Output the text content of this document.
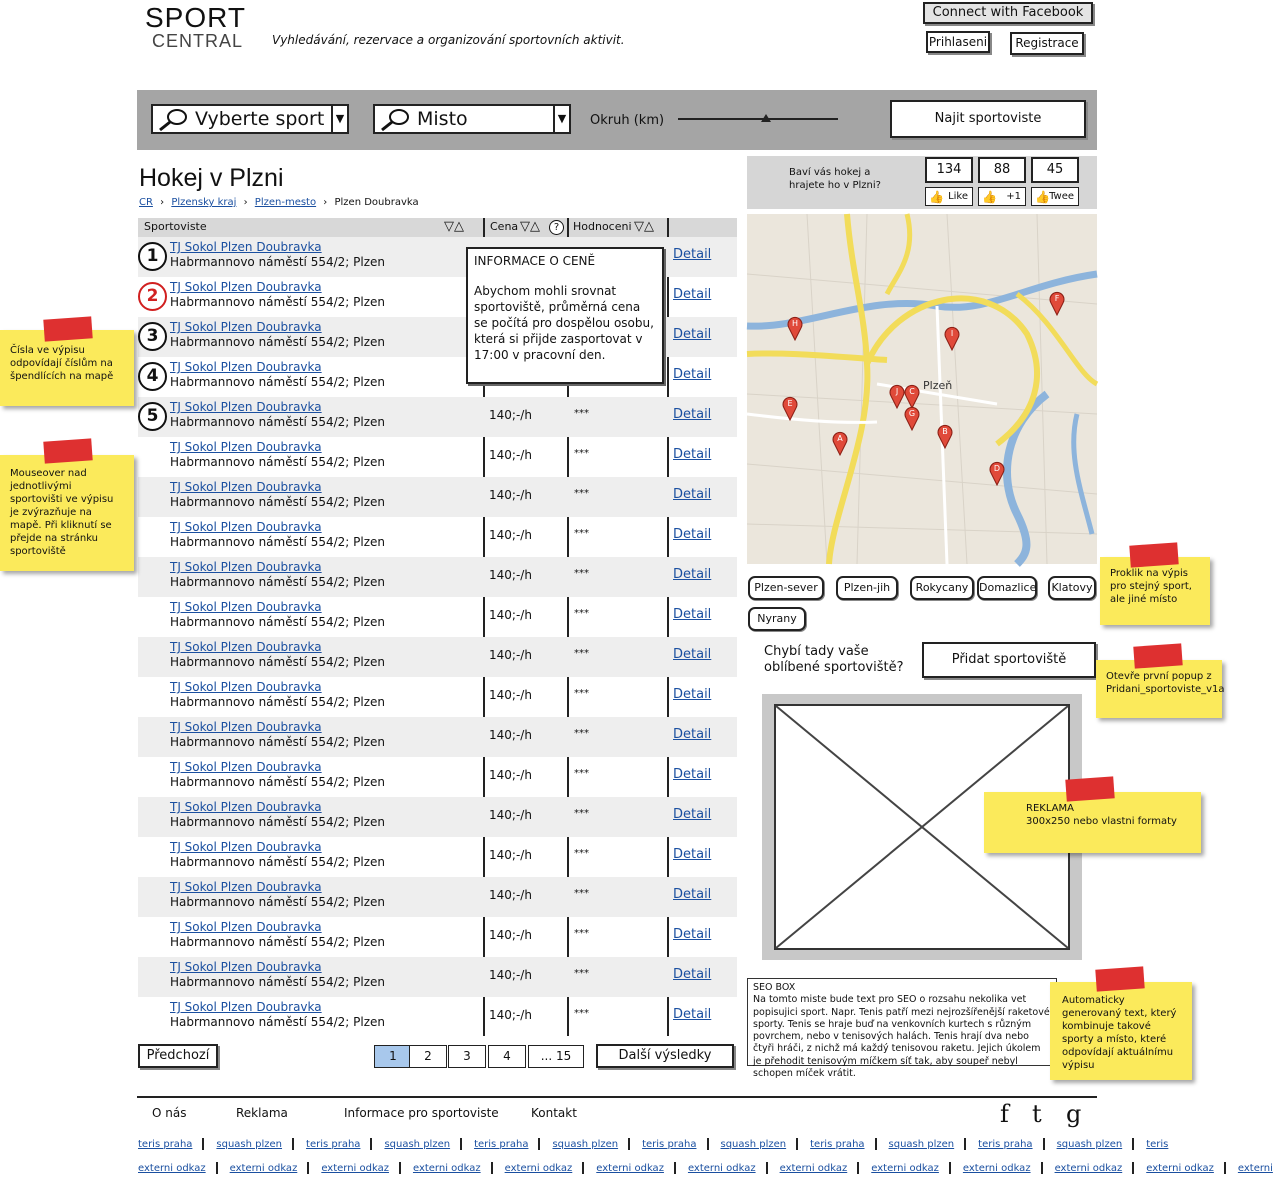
SPORT
CENTRAL Vyhledávání, rezervace a organizování sportovních aktivit.
Connect with Facebook
Prihlaseni	Registrace
Vyberte sport	▼	Misto	▼ Okruh (km)	Najit sportoviste
Hokej v Plzni
CR › Plzensky kraj › Plzen-mesto › Plzen Doubravka
Sportoviste	▽△ Cena ▽△	?	Hodnoceni ▽△
1 TJ Sokol Plzen Doubravka
Habrmannovo náměstí 554/2; Plzen	Detail
2 TJ Sokol Plzen Doubravka
Habrmannovo náměstí 554/2; Plzen	Detail
3 TJ Sokol Plzen Doubravka
Habrmannovo náměstí 554/2; Plzen	Detail
4 TJ Sokol Plzen Doubravka
Habrmannovo náměstí 554/2; Plzen	Detail
5 TJ Sokol Plzen Doubravka
Habrmannovo náměstí 554/2; Plzen	140;-/h	***	Detail
TJ Sokol Plzen Doubravka
Habrmannovo náměstí 554/2; Plzen	140;-/h	***	Detail
TJ Sokol Plzen Doubravka
Habrmannovo náměstí 554/2; Plzen	140;-/h	***	Detail
TJ Sokol Plzen Doubravka
Habrmannovo náměstí 554/2; Plzen	140;-/h	***	Detail
TJ Sokol Plzen Doubravka
Habrmannovo náměstí 554/2; Plzen	140;-/h	***	Detail
TJ Sokol Plzen Doubravka
Habrmannovo náměstí 554/2; Plzen	140;-/h	***	Detail
TJ Sokol Plzen Doubravka
Habrmannovo náměstí 554/2; Plzen	140;-/h	***	Detail
TJ Sokol Plzen Doubravka
Habrmannovo náměstí 554/2; Plzen	140;-/h	***	Detail
TJ Sokol Plzen Doubravka
Habrmannovo náměstí 554/2; Plzen	140;-/h	***	Detail
TJ Sokol Plzen Doubravka
Habrmannovo náměstí 554/2; Plzen	140;-/h	***	Detail
TJ Sokol Plzen Doubravka
Habrmannovo náměstí 554/2; Plzen	140;-/h	***	Detail
TJ Sokol Plzen Doubravka
Habrmannovo náměstí 554/2; Plzen	140;-/h	***	Detail
TJ Sokol Plzen Doubravka
Habrmannovo náměstí 554/2; Plzen	140;-/h	***	Detail
TJ Sokol Plzen Doubravka
Habrmannovo náměstí 554/2; Plzen	140;-/h	***	Detail
TJ Sokol Plzen Doubravka
Habrmannovo náměstí 554/2; Plzen	140;-/h	***	Detail
TJ Sokol Plzen Doubravka
Habrmannovo náměstí 554/2; Plzen	140;-/h	***	Detail
INFORMACE O CENĚ
Abychom mohli srovnat sportoviště, průměrná cena se počítá pro dospělou osobu, která si přijde zasportovat v 17:00 v pracovní den.
Předchozí	1	2	3	4	... 15	Další výsledky
Baví vás hokej a hrajete ho v Plzni?
134	88	45
👍 Like	👍 +1	👍 Twee
Plzeň
A
B
C
D
E
F
G
H
I
J
Plzen-sever	Plzen-jih	Rokycany Domazlice	Klatovy
Nyrany
Chybí tady vaše oblíbené sportoviště?
Přidat sportoviště
SEO BOX
Na tomto miste bude text pro SEO o rozsahu nekolika vet popisujici sport. Napr. Tenis patří mezi nejrozšířenější raketové sporty. Tenis se hraje buď na venkovních kurtech s různým povrchem, nebo v tenisových halách. Tenis hrají dva nebo čtyři hráči, z nichž má každý tenisovou raketu. Jejich úkolem je přehodit tenisovým míčkem síť tak, aby soupeř nebyl schopen míček vrátit.
Čísla ve výpisu odpovídají číslům na špendlících na mapě
Mouseover nad jednotlivými sportovišti ve výpisu je zvýrazňuje na mapě. Při kliknutí se přejde na stránku sportoviště
Proklik na výpis pro stejný sport, ale jiné místo
Otevře první popup z Pridani_sportoviste_v1a
REKLAMA
300x250 nebo vlastni formaty
Automaticky generovaný text, který kombinuje takové sporty a místo, které odpovídají aktuálnímu výpisu
O nás	Reklama	Informace pro sportoviste	Kontakt	f t g
teris praha squash plzen teris praha squash plzen teris praha squash plzen teris praha squash plzen teris praha squash plzen teris praha squash plzen teris
externi odkaz externi odkaz externi odkaz externi odkaz externi odkaz externi odkaz externi odkaz externi odkaz externi odkaz externi odkaz externi odkaz externi odkaz externi
